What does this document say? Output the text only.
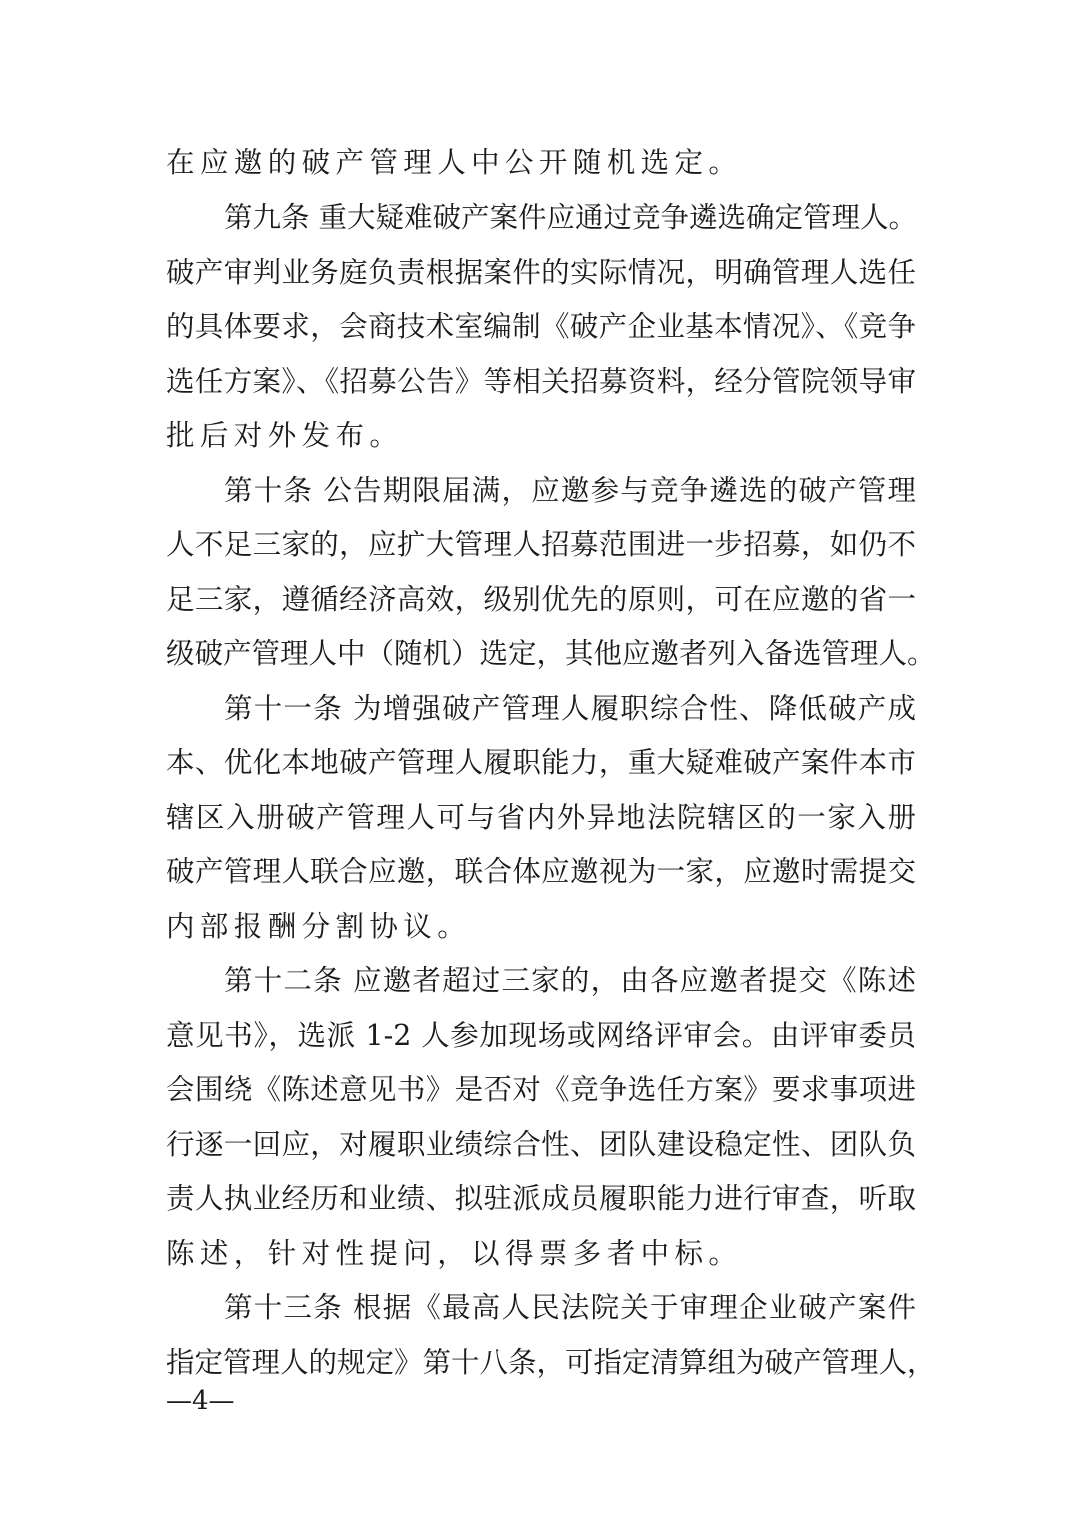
在应邀的破产管理人中公开随机选定。
第九条 重大疑难破产案件应通过竞争遴选确定管理人。
破产审判业务庭负责根据案件的实际情况，明确管理人选任
的具体要求，会商技术室编制《破产企业基本情况》、《竞争
选任方案》、《招募公告》等相关招募资料，经分管院领导审
批后对外发布。
第十条 公告期限届满，应邀参与竞争遴选的破产管理
人不足三家的，应扩大管理人招募范围进一步招募，如仍不
足三家，遵循经济高效，级别优先的原则，可在应邀的省一
级破产管理人中（随机）选定，其他应邀者列入备选管理人。
第十一条 为增强破产管理人履职综合性、降低破产成
本、优化本地破产管理人履职能力，重大疑难破产案件本市
辖区入册破产管理人可与省内外异地法院辖区的一家入册
破产管理人联合应邀，联合体应邀视为一家，应邀时需提交
内部报酬分割协议。
第十二条 应邀者超过三家的，由各应邀者提交《陈述
意见书》，选派 1-2 人参加现场或网络评审会。由评审委员
会围绕《陈述意见书》是否对《竞争选任方案》要求事项进
行逐一回应，对履职业绩综合性、团队建设稳定性、团队负
责人执业经历和业绩、拟驻派成员履职能力进行审查，听取
陈述，针对性提问，以得票多者中标。
第十三条 根据《最高人民法院关于审理企业破产案件
指定管理人的规定》第十八条，可指定清算组为破产管理人，
—4—
